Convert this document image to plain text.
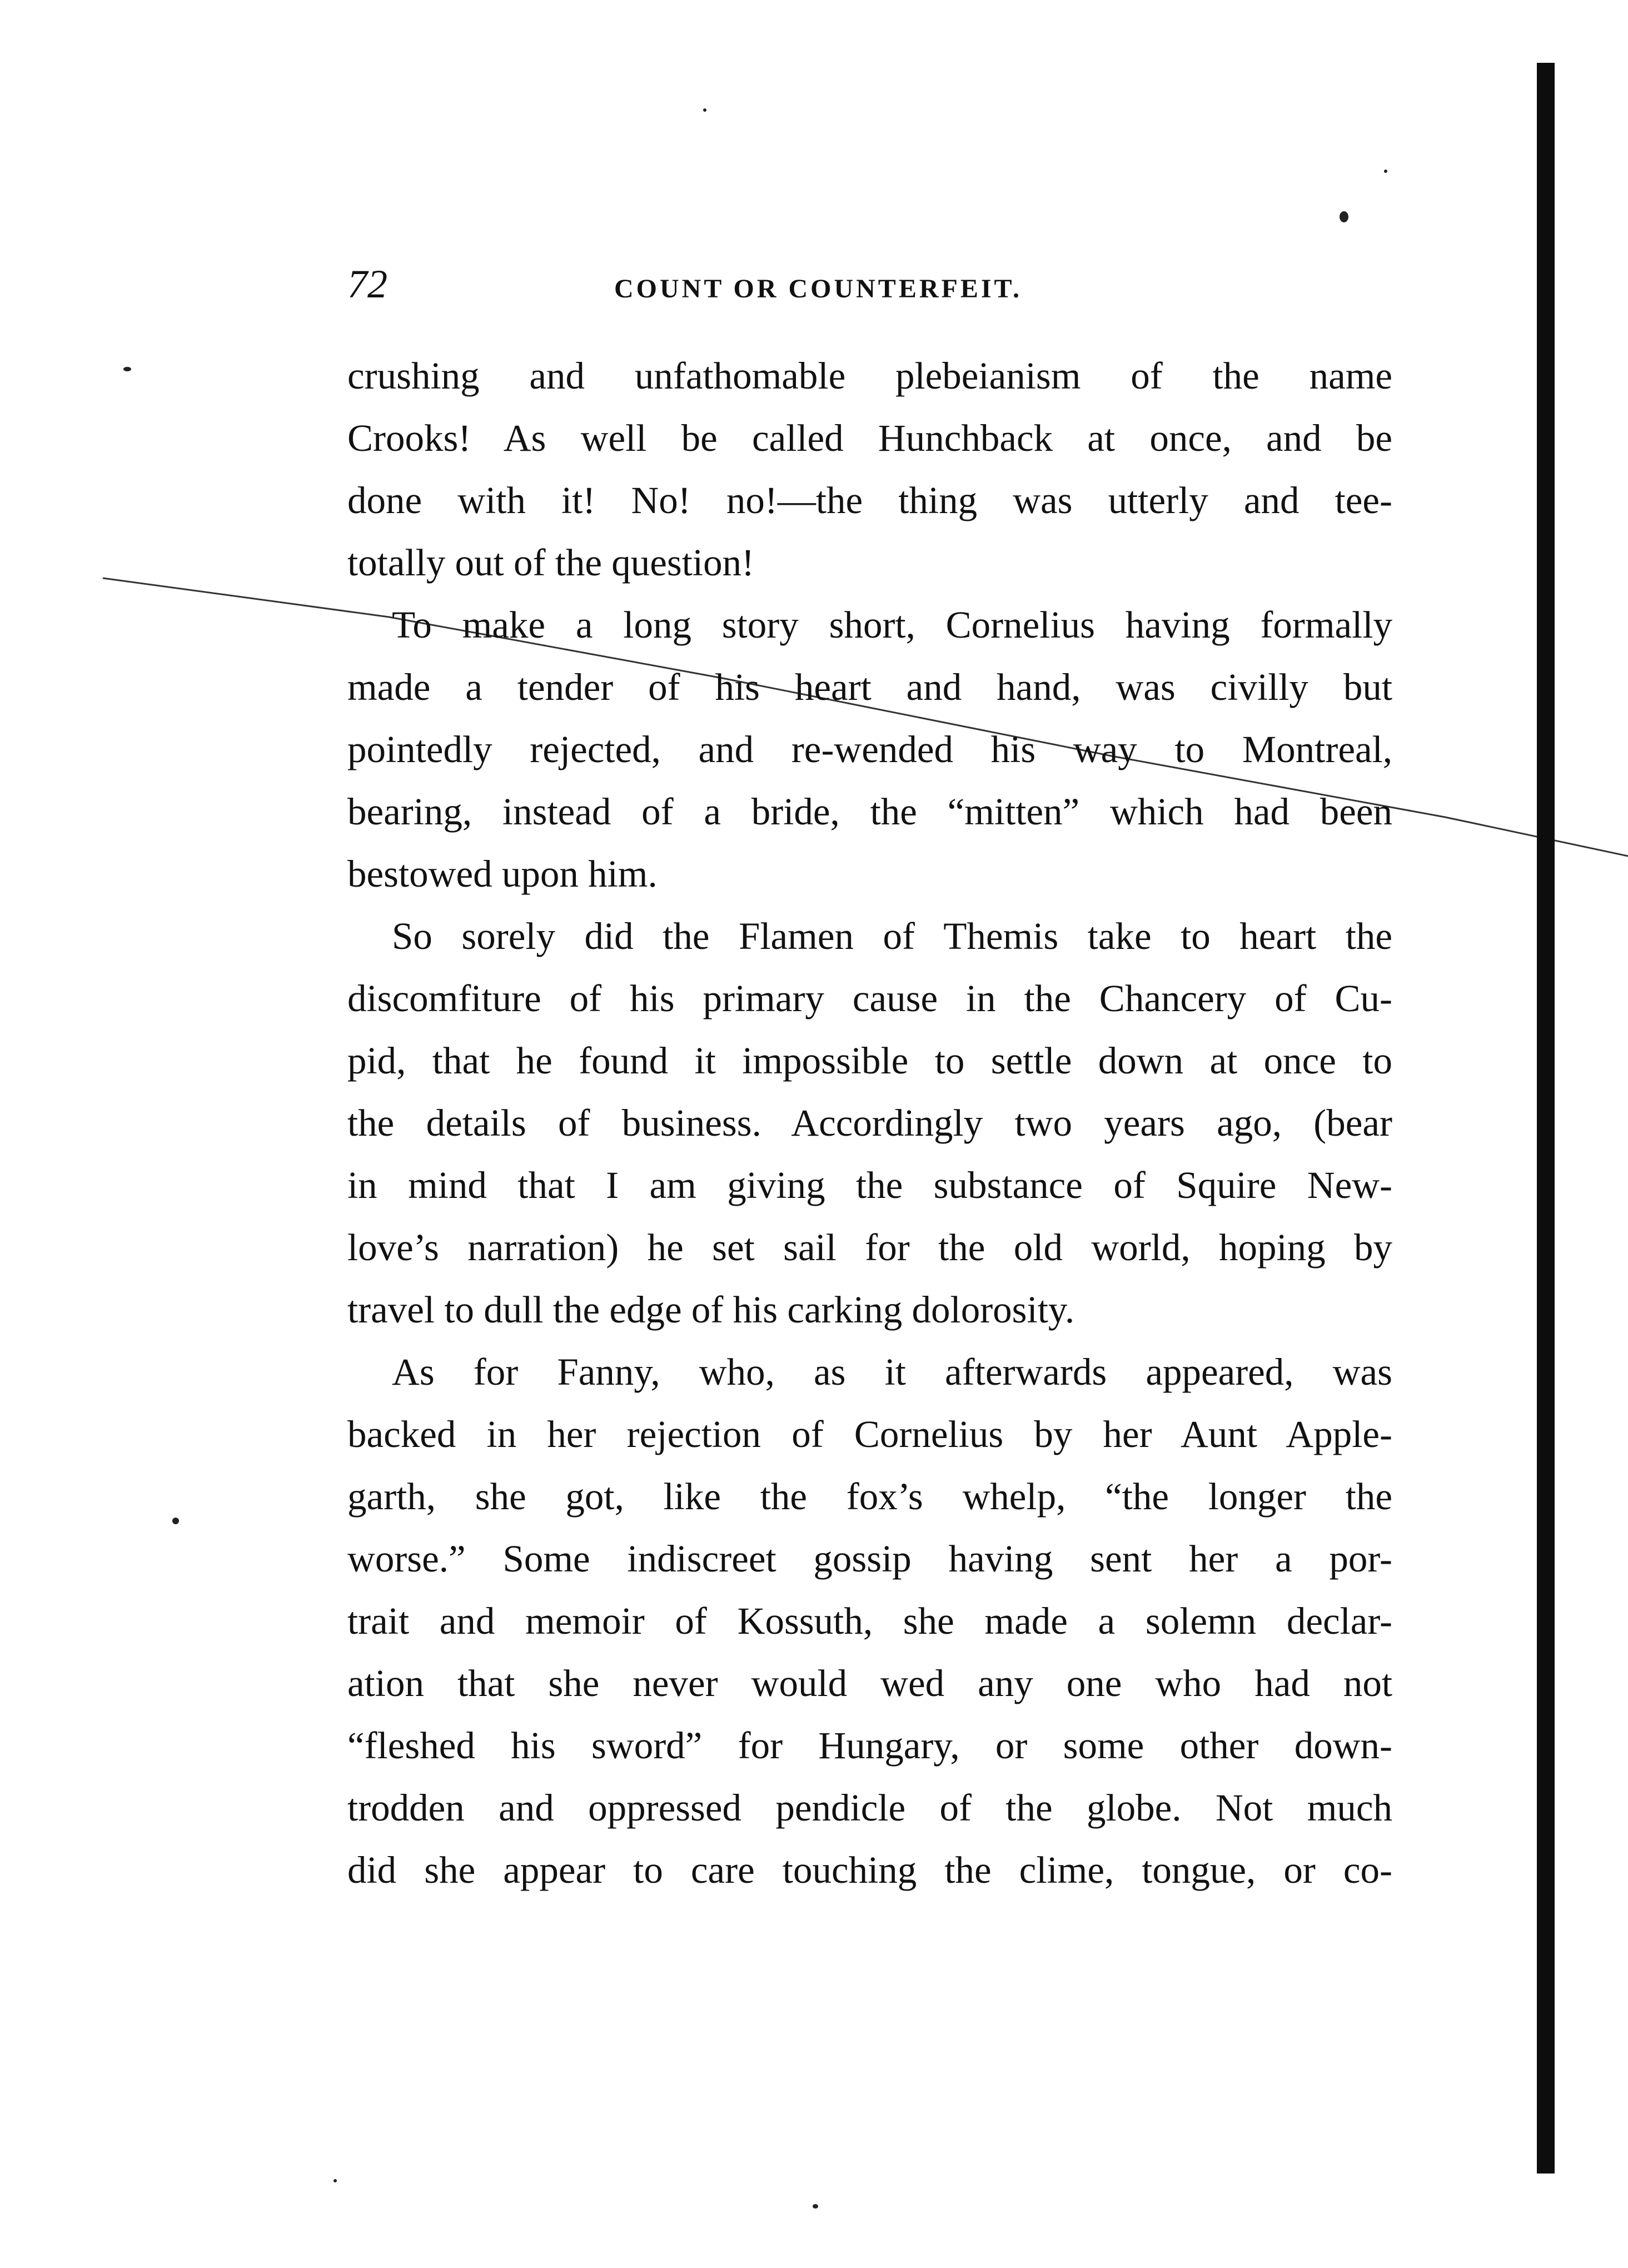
72	COUNT OR COUNTERFEIT.
crushing and unfathomable plebeianism of the name
Crooks! As well be called Hunchback at once, and be
done with it! No! no!—the thing was utterly and tee-
totally out of the question!
To make a long story short, Cornelius having formally
made a tender of his heart and hand, was civilly but
pointedly rejected, and re-wended his way to Montreal,
bearing, instead of a bride, the “mitten” which had been
bestowed upon him.
So sorely did the Flamen of Themis take to heart the
discomfiture of his primary cause in the Chancery of Cu-
pid, that he found it impossible to settle down at once to
the details of business. Accordingly two years ago, (bear
in mind that I am giving the substance of Squire New-
love’s narration) he set sail for the old world, hoping by
travel to dull the edge of his carking dolorosity.
As for Fanny, who, as it afterwards appeared, was
backed in her rejection of Cornelius by her Aunt Apple-
garth, she got, like the fox’s whelp, “the longer the
worse.” Some indiscreet gossip having sent her a por-
trait and memoir of Kossuth, she made a solemn declar-
ation that she never would wed any one who had not
“fleshed his sword” for Hungary, or some other down-
trodden and oppressed pendicle of the globe. Not much
did she appear to care touching the clime, tongue, or co-
